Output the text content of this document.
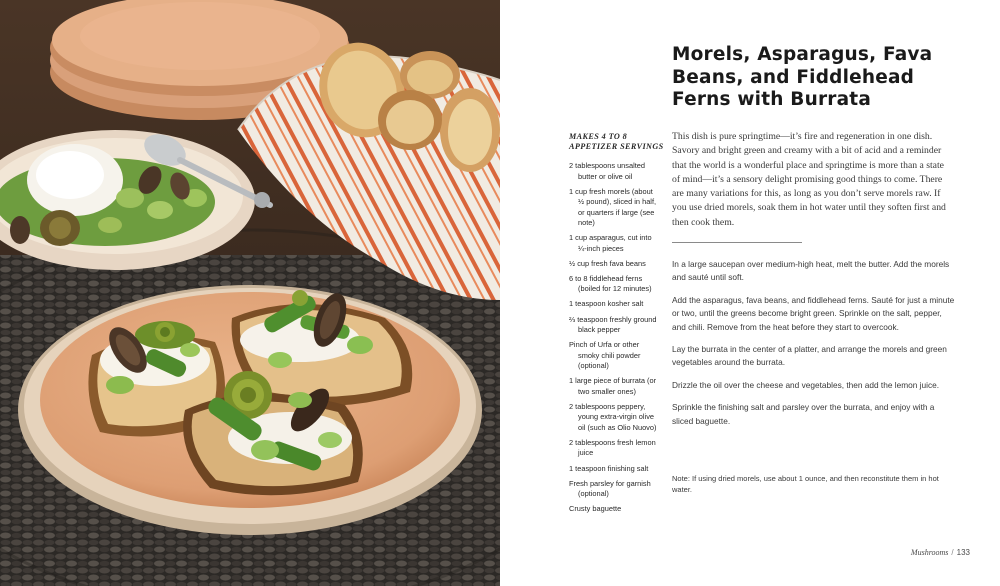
Morels, Asparagus, Fava Beans, and Fiddlehead Ferns with Burrata

MAKES 4 TO 8 APPETIZER SERVINGS

2 tablespoons unsalted butter or olive oil
1 cup fresh morels (about ½ pound), sliced in half, or quarters if large (see note)
1 cup asparagus, cut into ¼-inch pieces
½ cup fresh fava beans
6 to 8 fiddlehead ferns (boiled for 12 minutes)
1 teaspoon kosher salt
⅔ teaspoon freshly ground black pepper
Pinch of Urfa or other smoky chili powder (optional)
1 large piece of burrata (or two smaller ones)
2 tablespoons peppery, young extra-virgin olive oil (such as Olio Nuovo)
2 tablespoons fresh lemon juice
1 teaspoon finishing salt
Fresh parsley for garnish (optional)
Crusty baguette

This dish is pure springtime—it’s fire and regeneration in one dish. Savory and bright green and creamy with a bit of acid and a reminder that the world is a wonderful place and springtime is more than a state of mind—it’s a sensory delight promising good things to come. There are many variations for this, as long as you don’t serve morels raw. If you use dried morels, soak them in hot water until they soften first and then cook them.

In a large saucepan over medium-high heat, melt the butter. Add the morels and sauté until soft.
Add the asparagus, fava beans, and fiddlehead ferns. Sauté for just a minute or two, until the greens become bright green. Sprinkle on the salt, pepper, and chili. Remove from the heat before they start to overcook.
Lay the burrata in the center of a platter, and arrange the morels and green vegetables around the burrata.
Drizzle the oil over the cheese and vegetables, then add the lemon juice.
Sprinkle the finishing salt and parsley over the burrata, and enjoy with a sliced baguette.

Note: If using dried morels, use about 1 ounce, and then reconstitute them in hot water.

Mushrooms / 133
